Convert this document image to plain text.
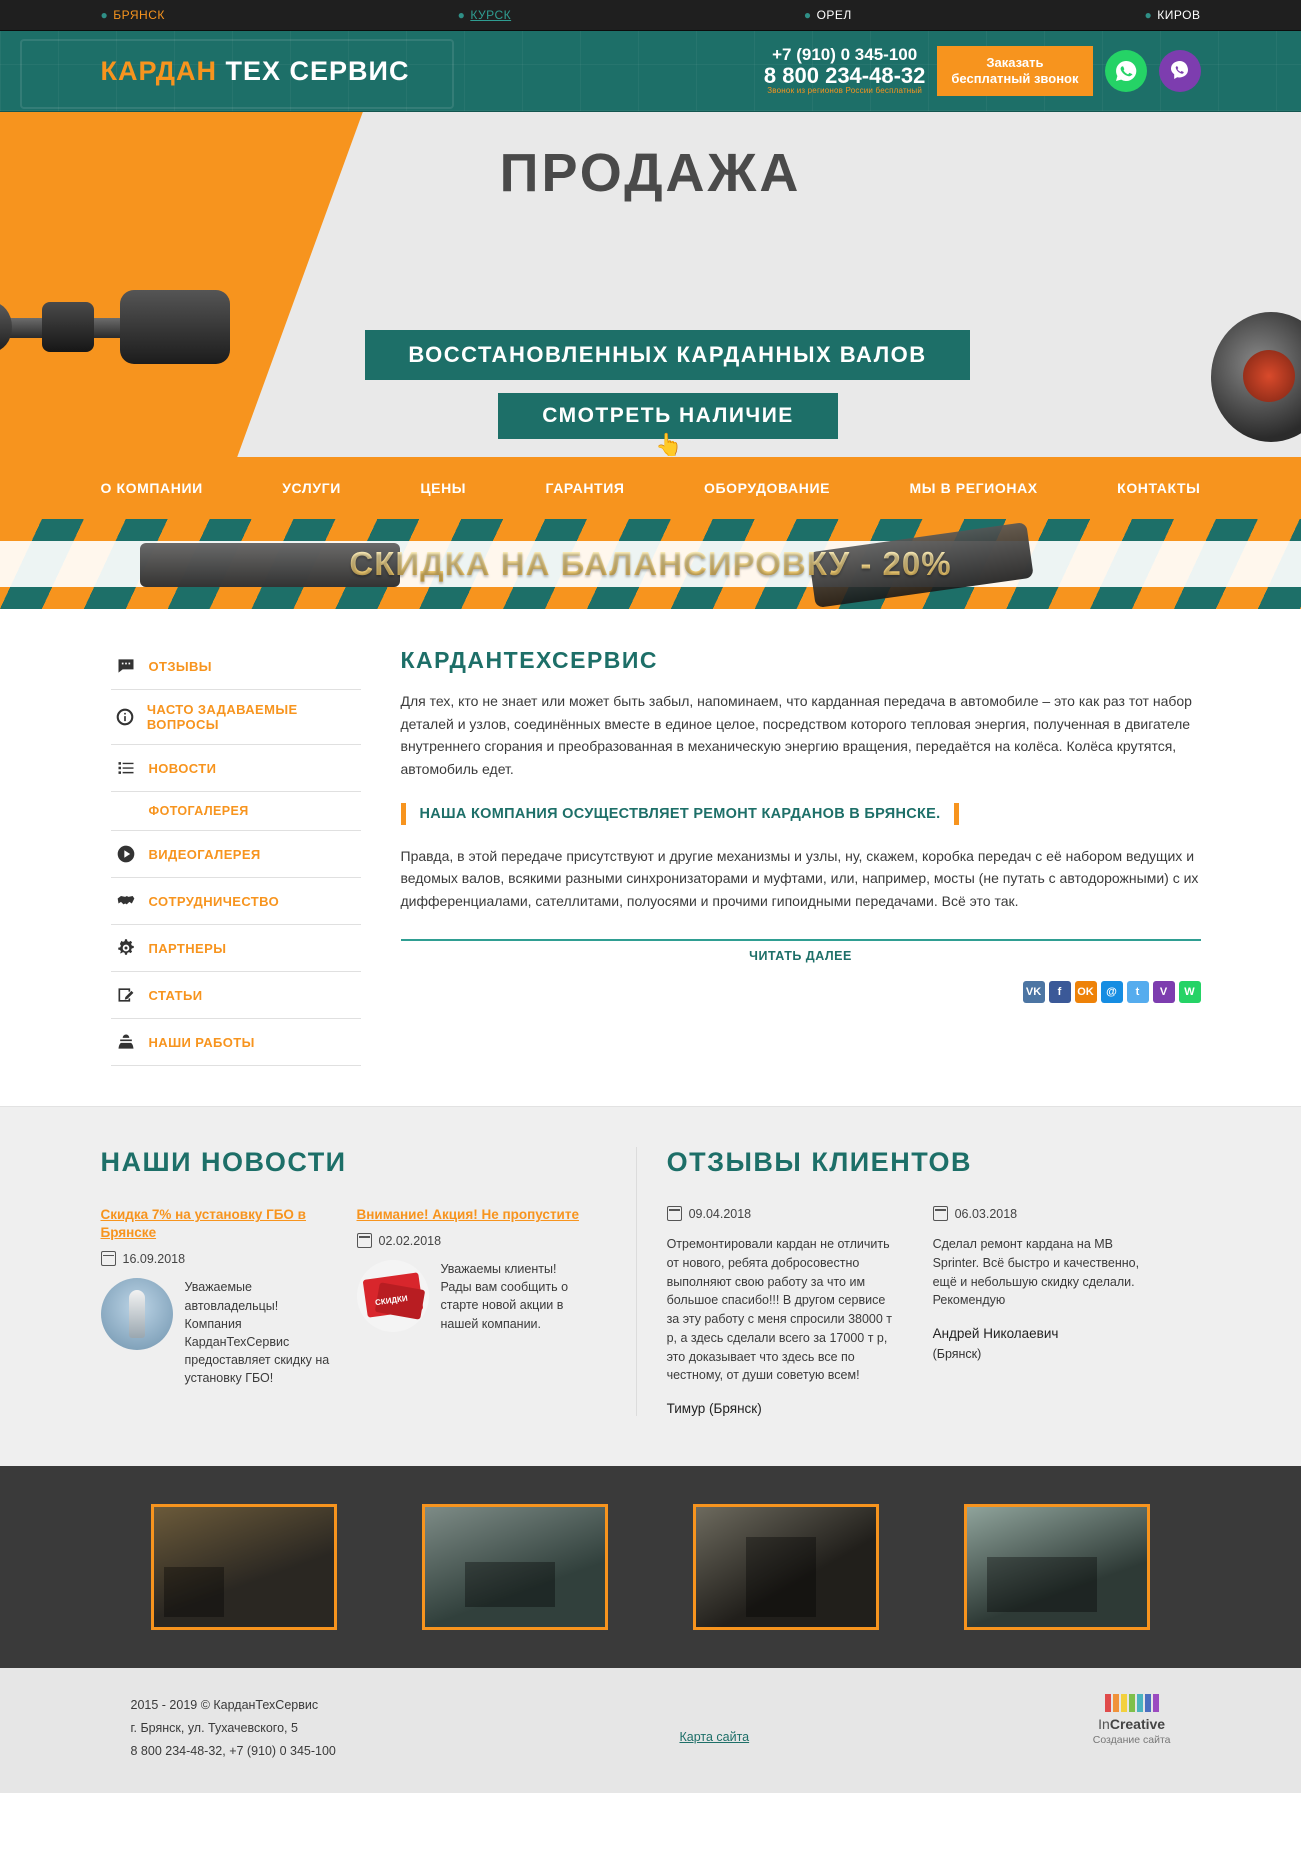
● БРЯНСК	● КУРСК	● ОРЕЛ	● КИРОВ
КАРДАН ТЕХ СЕРВИС
+7 (910) 0 345-100
8 800 234-48-32
Звонок из регионов России бесплатный
Заказать
бесплатный звонок
ПРОДАЖА
ВОССТАНОВЛЕННЫХ КАРДАННЫХ ВАЛОВ
СМОТРЕТЬ НАЛИЧИЕ
👆
О КОМПАНИИ	УСЛУГИ	ЦЕНЫ	ГАРАНТИЯ	ОБОРУДОВАНИЕ	МЫ В РЕГИОНАХ	КОНТАКТЫ
СКИДКА НА БАЛАНСИРОВКУ - 20%
ОТЗЫВЫ
ЧАСТО ЗАДАВАЕМЫЕ ВОПРОСЫ
НОВОСТИ
ФОТОГАЛЕРЕЯ
ВИДЕОГАЛЕРЕЯ
СОТРУДНИЧЕСТВО
ПАРТНЕРЫ
СТАТЬИ
НАШИ РАБОТЫ
КАРДАНТЕХСЕРВИС

Для тех, кто не знает или может быть забыл, напоминаем, что карданная передача в автомобиле – это как раз тот набор деталей и узлов, соединённых вместе в единое целое, посредством которого тепловая энергия, полученная в двигателе внутреннего сгорания и преобразованная в механическую энергию вращения, передаётся на колёса. Колёса крутятся, автомобиль едет.

НАША КОМПАНИЯ ОСУЩЕСТВЛЯЕТ РЕМОНТ КАРДАНОВ В БРЯНСКЕ.

Правда, в этой передаче присутствуют и другие механизмы и узлы, ну, скажем, коробка передач с её набором ведущих и ведомых валов, всякими разными синхронизаторами и муфтами, или, например, мосты (не путать с автодорожными) с их дифференциалами, сателлитами, полуосями и прочими гипоидными передачами. Всё это так.

ЧИТАТЬ ДАЛЕЕ
VK	f	OK	@	t	V	W
НАШИ НОВОСТИ
Скидка 7% на установку ГБО в Брянске
16.09.2018
Уважаемые автовладельцы! Компания КарданТехСервис предоставляет скидку на установку ГБО!
Внимание! Акция! Не пропустите
02.02.2018
СКИДКИ
Уважаемы клиенты! Рады вам сообщить о старте новой акции в нашей компании.
ОТЗЫВЫ КЛИЕНТОВ
09.04.2018
Отремонтировали кардан не отличить от нового, ребята добросовестно выполняют свою работу за что им большое спасибо!!! В другом сервисе за эту работу с меня спросили 38000 т р, а здесь сделали всего за 17000 т р, это доказывает что здесь все по честному, от души советую всем!
Тимур (Брянск)
06.03.2018
Сделал ремонт кардана на МВ Sprinter. Всё быстро и качественно, ещё и небольшую скидку сделали. Рекомендую
Андрей Николаевич
(Брянск)
2015 - 2019 © КарданТехСервис
г. Брянск, ул. Тухачевского, 5
8 800 234-48-32, +7 (910) 0 345-100
Карта сайта
InCreative
Создание сайта
